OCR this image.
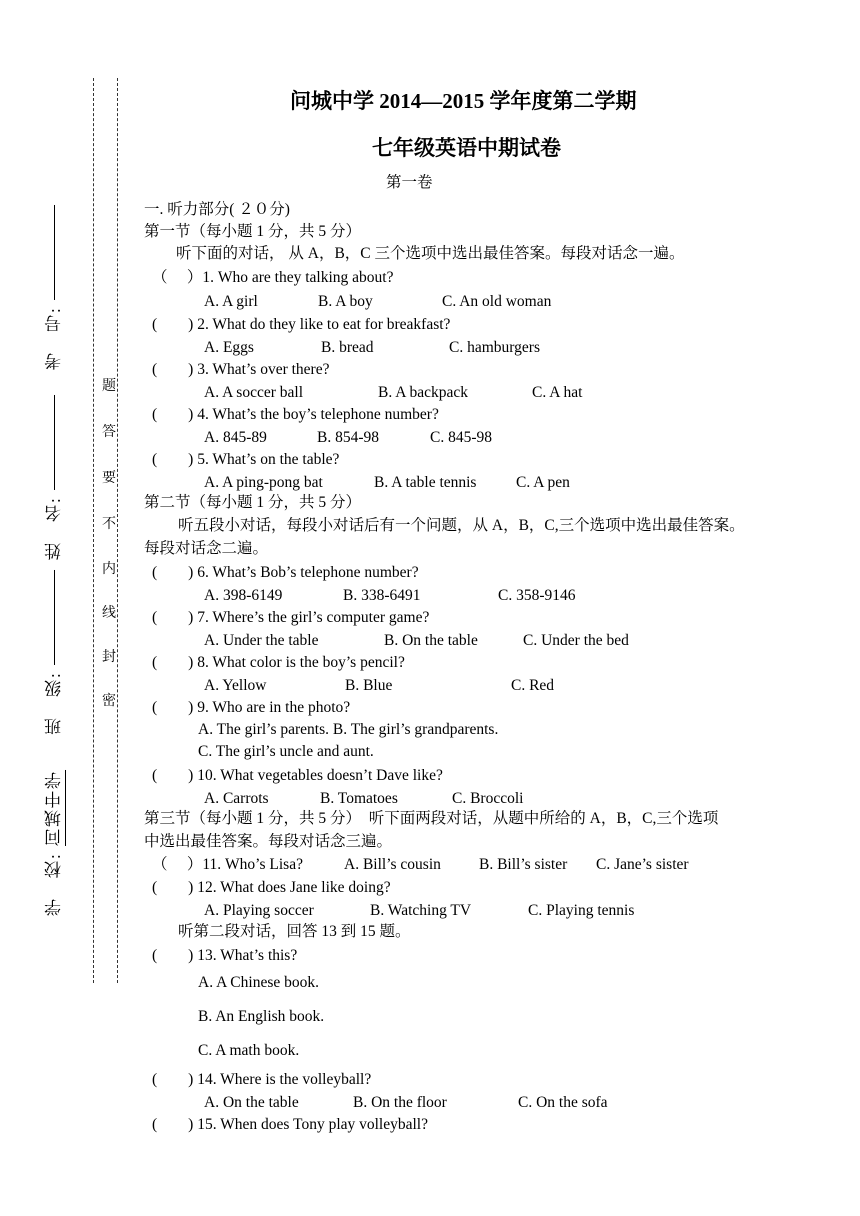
学　校: 问城中学
班　级:
姓　名:
考　号:
密
封
线
内
不
要
答
题
问城中学 2014—2015 学年度第二学期
七年级英语中期试卷
第一卷
一. 听力部分( ２０分)
第一节（每小题 1 分，共 5 分）
听下面的对话， 从 A，B，C 三个选项中选出最佳答案。每段对话念一遍。
（　 ）1. Who are they talking about?
A. A girl	B. A boy	C. An old woman
(　　) 2. What do they like to eat for breakfast?
A. Eggs	B. bread	C. hamburgers
(　　) 3. What’s over there?
A. A soccer ball	B. A backpack	C. A hat
(　　) 4. What’s the boy’s telephone number?
A. 845-89	B. 854-98	C. 845-98
(　　) 5. What’s on the table?
A. A ping-pong bat	B. A table tennis	C. A pen
第二节（每小题 1 分，共 5 分）
听五段小对话，每段小对话后有一个问题，从 A，B，C,三个选项中选出最佳答案。
每段对话念二遍。
(　　) 6. What’s Bob’s telephone number?
A. 398-6149	B. 338-6491	C. 358-9146
(　　) 7. Where’s the girl’s computer game?
A. Under the table	B. On the table	C. Under the bed
(　　) 8. What color is the boy’s pencil?
A. Yellow	B. Blue	C. Red
(　　) 9. Who are in the photo?
A. The girl’s parents. B. The girl’s grandparents.
C. The girl’s uncle and aunt.
(　　) 10. What vegetables doesn’t Dave like?
A. Carrots	B. Tomatoes	C. Broccoli
第三节（每小题 1 分，共 5 分）　听下面两段对话，从题中所给的 A，B，C,三个选项
中选出最佳答案。每段对话念三遍。
（　 ）11. Who’s Lisa?	A. Bill’s cousin B. Bill’s sister C. Jane’s sister
(　　) 12. What does Jane like doing?
A. Playing soccer	B. Watching TV	C. Playing tennis
听第二段对话，回答 13 到 15 题。
(　　) 13. What’s this?
A. A Chinese book.
B. An English book.
C. A math book.
(　　) 14. Where is the volleyball?
A. On the table	B. On the floor	C. On the sofa
(　　) 15. When does Tony play volleyball?
